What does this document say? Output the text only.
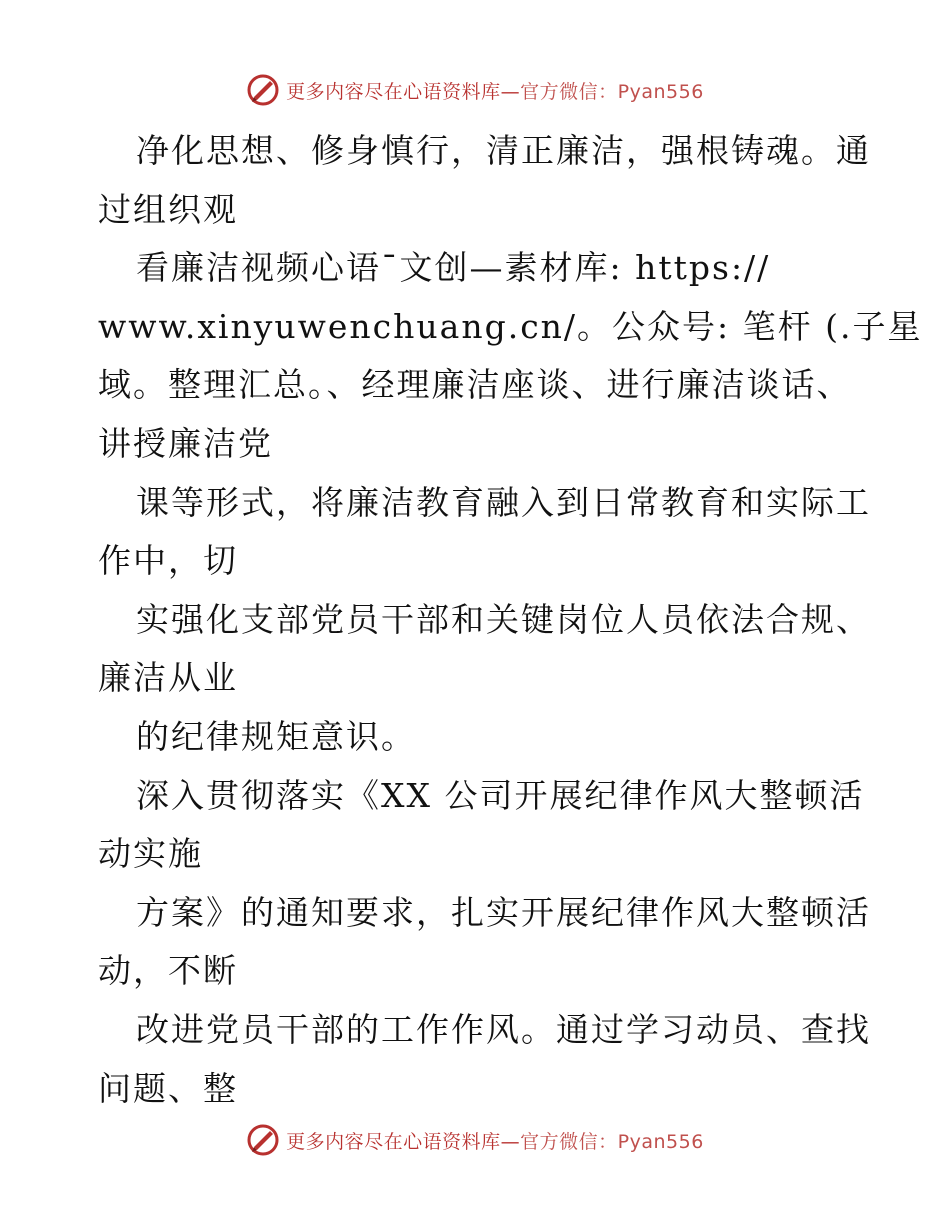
更多内容尽在心语资料库—官方微信：Pyan556
净化思想、修身慎行，清正廉洁，强根铸魂。通
过组织观
看廉洁视频心语¯文创—素材库: https://
www.xinyuwenchuang.cn/。公众号: 笔杆 (.子星
域。整理汇总。、经理廉洁座谈、进行廉洁谈话、
讲授廉洁党
课等形式，将廉洁教育融入到日常教育和实际工
作中，切
实强化支部党员干部和关键岗位人员依法合规、
廉洁从业
的纪律规矩意识。
深入贯彻落实《XX 公司开展纪律作风大整顿活
动实施
方案》的通知要求，扎实开展纪律作风大整顿活
动，不断
改进党员干部的工作作风。通过学习动员、查找
问题、整
更多内容尽在心语资料库—官方微信：Pyan556
